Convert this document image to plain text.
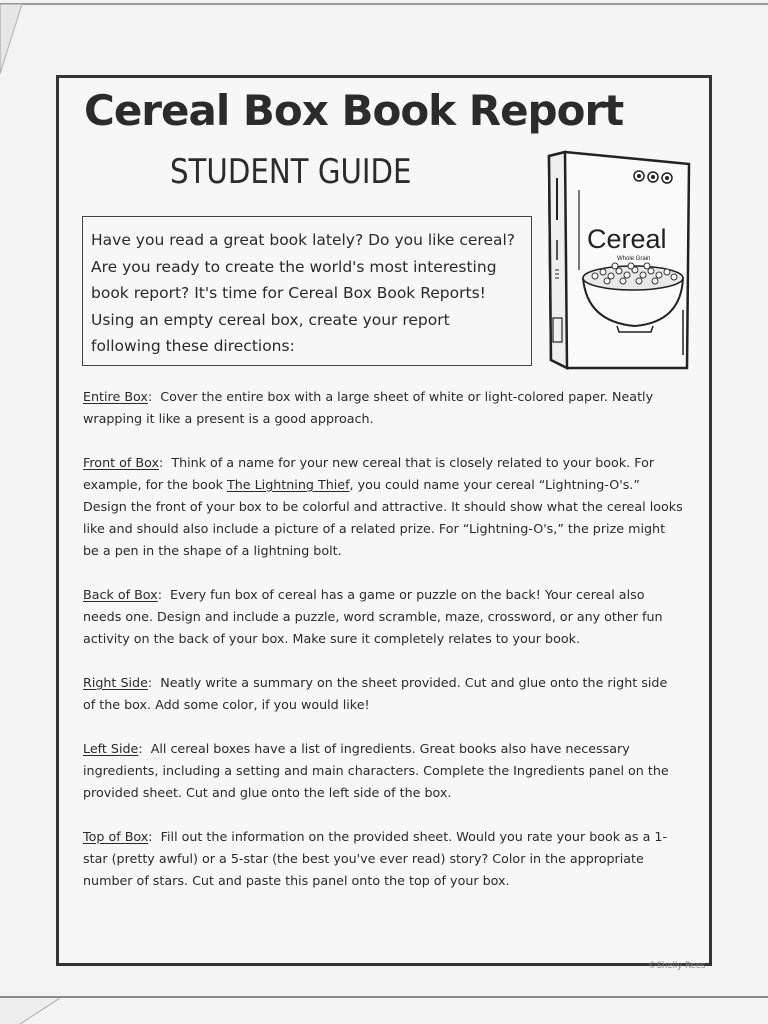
Cereal Box Book Report
STUDENT GUIDE
Have you read a great book lately? Do you like cereal? Are you ready to create the world's most interesting book report? It's time for Cereal Box Book Reports! Using an empty cereal box, create your report following these directions:
Cereal
Whole Grain
Entire Box:  Cover the entire box with a large sheet of white or light-colored paper. Neatly wrapping it like a present is a good approach.
Front of Box:  Think of a name for your new cereal that is closely related to your book. For example, for the book The Lightning Thief, you could name your cereal “Lightning-O's.” Design the front of your box to be colorful and attractive. It should show what the cereal looks like and should also include a picture of a related prize. For “Lightning-O's,” the prize might be a pen in the shape of a lightning bolt.
Back of Box:  Every fun box of cereal has a game or puzzle on the back! Your cereal also needs one. Design and include a puzzle, word scramble, maze, crossword, or any other fun activity on the back of your box. Make sure it completely relates to your book.
Right Side:  Neatly write a summary on the sheet provided. Cut and glue onto the right side of the box. Add some color, if you would like!
Left Side:  All cereal boxes have a list of ingredients. Great books also have necessary ingredients, including a setting and main characters. Complete the Ingredients panel on the provided sheet. Cut and glue onto the left side of the box.
Top of Box:  Fill out the information on the provided sheet. Would you rate your book as a 1-star (pretty awful) or a 5-star (the best you've ever read) story? Color in the appropriate number of stars. Cut and paste this panel onto the top of your box.
©Shelly Rees
